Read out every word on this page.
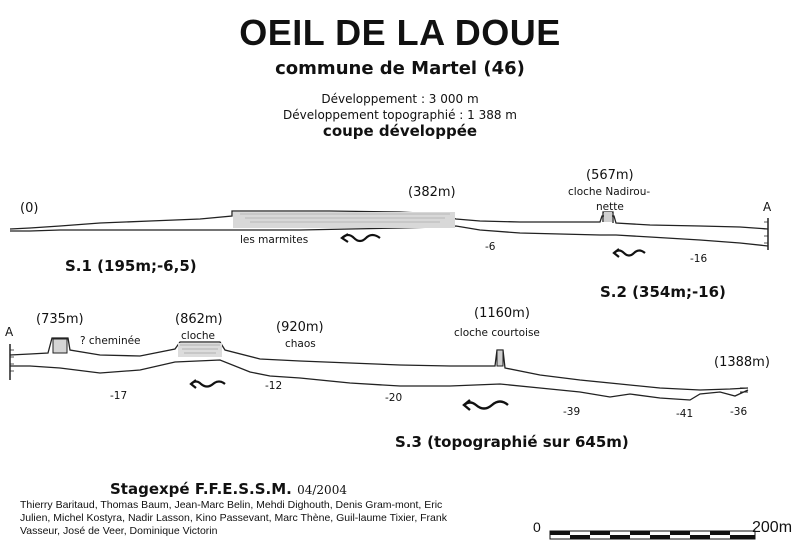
OEIL DE LA DOUE
commune de Martel (46)
Développement : 3 000 m
Développement topographié : 1 388 m
coupe développée
(0)
(382m)
(567m)
cloche Nadirou-
nette
les marmites
-6
-16
A
S.1 (195m;-6,5)
S.2 (354m;-16)
S.3 (topographié sur 645m)
A
(735m)	(862m)
(920m)
(1160m)
(1388m)
? cheminée	cloche
chaos
cloche courtoise
-17
-12
-20
-39	-41	-36
Stagexpé F.F.E.S.S.M. 04/2004
Thierry Baritaud, Thomas Baum, Jean-Marc Belin, Mehdi Dighouth, Denis Gram-mont, Eric Julien, Michel Kostyra, Nadir Lasson, Kino Passevant, Marc Thène, Guil-laume Tixier, Frank Vasseur, José de Veer, Dominique Victorin	0	200m
